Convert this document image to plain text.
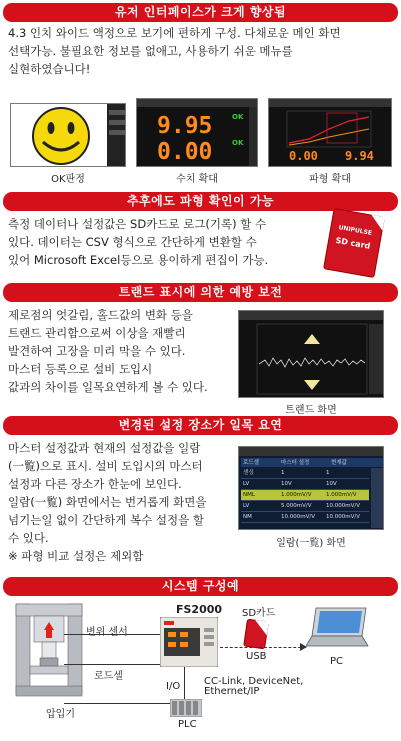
유저 인터페이스가 크게 향상됨
4.3 인치 와이드 액정으로 보기에 편하게 구성. 다채로운 메인 화면
선택가능. 불필요한 정보를 없애고, 사용하기 쉬운 메뉴를
실현하였습니다!
OK판정
9.95
0.00
OK
OK
수치 확대
0.00 9.94
파형 확대
추후에도 파형 확인이 가능
측정 데이터나 설정값은 SD카드로 로그(기록) 할 수
있다. 데이터는 CSV 형식으로 간단하게 변환할 수
있어 Microsoft Excel등으로 용이하게 편집이 가능.
UNIPULSE
SD card
트랜드 표시에 의한 예방 보전
제로점의 엇갈림, 홀드값의 변화 등을
트랜드 관리함으로써 이상을 재빨리
발견하여 고장을 미리 막을 수 있다.
마스터 등록으로 설비 도입시
값과의 차이를 일목요연하게 볼 수 있다.
트랜드 화면
변경된 설정 장소가 일목 요연
마스터 설정값과 현재의 설정값을 일람
(一覧)으로 표시. 설비 도입시의 마스터
설정과 다른 장소가 한눈에 보인다.
일람(一覧) 화면에서는 번거롭게 화면을
넘기는일 없이 간단하게 복수 설정을 할
수 있다.
※ 파형 비교 설정은 제외함
로드셀	마스터 설정	현재값
센싱	1	1
LV	10V	10V
NML	1.000mV/V	1.000mV/V
LV	5.000mV/V	10.000mV/V
NM	10.000mV/V	10.000mV/V
일람(一覧) 화면
시스템 구성예
변위 센서
로드셀
압입기
FS2000 SD카드
USB	PC
I/O CC-Link, DeviceNet,
Ethernet/IP
PLC
